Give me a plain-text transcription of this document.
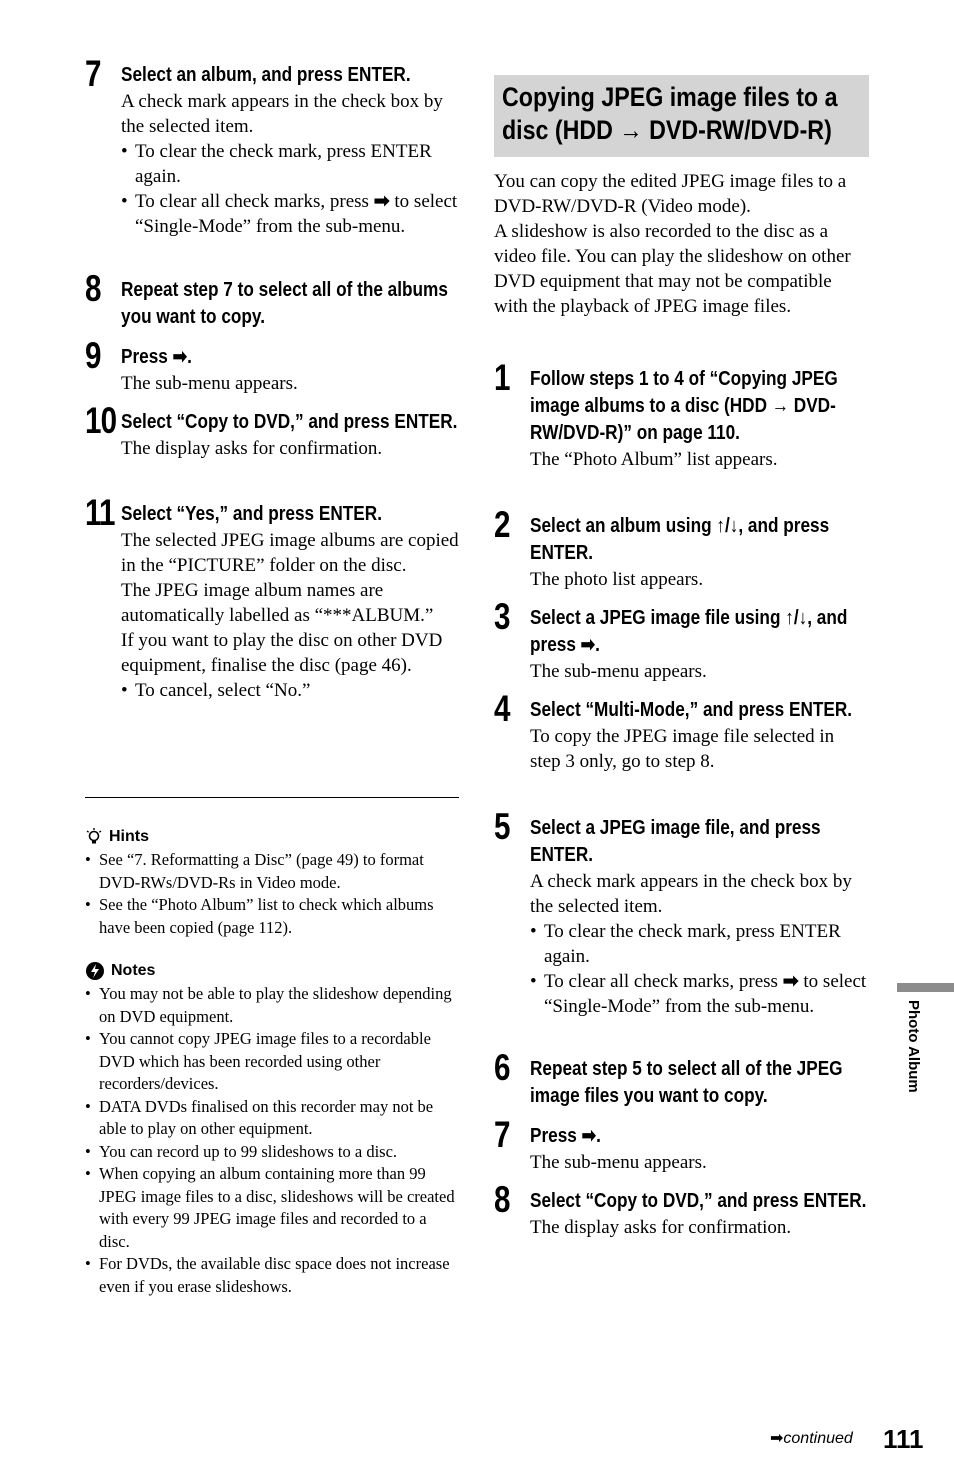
7 Select an album, and press ENTER.
A check mark appears in the check box by the selected item.
• To clear the check mark, press ENTER again.
• To clear all check marks, press ➡ to select “Single-Mode” from the sub-menu.
8 Repeat step 7 to select all of the albums you want to copy.
9 Press ➡.
The sub-menu appears.
10 Select “Copy to DVD,” and press ENTER.
The display asks for confirmation.
11 Select “Yes,” and press ENTER.
The selected JPEG image albums are copied in the “PICTURE” folder on the disc.
The JPEG image album names are automatically labelled as “***ALBUM.”
If you want to play the disc on other DVD equipment, finalise the disc (page 46).
• To cancel, select “No.”
Hints
• See “7. Reformatting a Disc” (page 49) to format DVD-RWs/DVD-Rs in Video mode.
• See the “Photo Album” list to check which albums have been copied (page 112).
Notes
• You may not be able to play the slideshow depending on DVD equipment.
• You cannot copy JPEG image files to a recordable DVD which has been recorded using other recorders/devices.
• DATA DVDs finalised on this recorder may not be able to play on other equipment.
• You can record up to 99 slideshows to a disc.
• When copying an album containing more than 99 JPEG image files to a disc, slideshows will be created with every 99 JPEG image files and recorded to a disc.
• For DVDs, the available disc space does not increase even if you erase slideshows.
Copying JPEG image files to a
disc (HDD → DVD-RW/DVD-R)
You can copy the edited JPEG image files to a DVD-RW/DVD-R (Video mode).
A slideshow is also recorded to the disc as a video file. You can play the slideshow on other DVD equipment that may not be compatible with the playback of JPEG image files.
1 Follow steps 1 to 4 of “Copying JPEG image albums to a disc (HDD → DVD-RW/DVD-R)” on page 110.
The “Photo Album” list appears.
2 Select an album using ↑/↓, and press ENTER.
The photo list appears.
3 Select a JPEG image file using ↑/↓, and press ➡.
The sub-menu appears.
4 Select “Multi-Mode,” and press ENTER.
To copy the JPEG image file selected in step 3 only, go to step 8.
5 Select a JPEG image file, and press ENTER.
A check mark appears in the check box by the selected item.
• To clear the check mark, press ENTER again.
• To clear all check marks, press ➡ to select “Single-Mode” from the sub-menu.
6 Repeat step 5 to select all of the JPEG image files you want to copy.
7 Press ➡.
The sub-menu appears.
8 Select “Copy to DVD,” and press ENTER.
The display asks for confirmation.
Photo Album
➡continued 111
